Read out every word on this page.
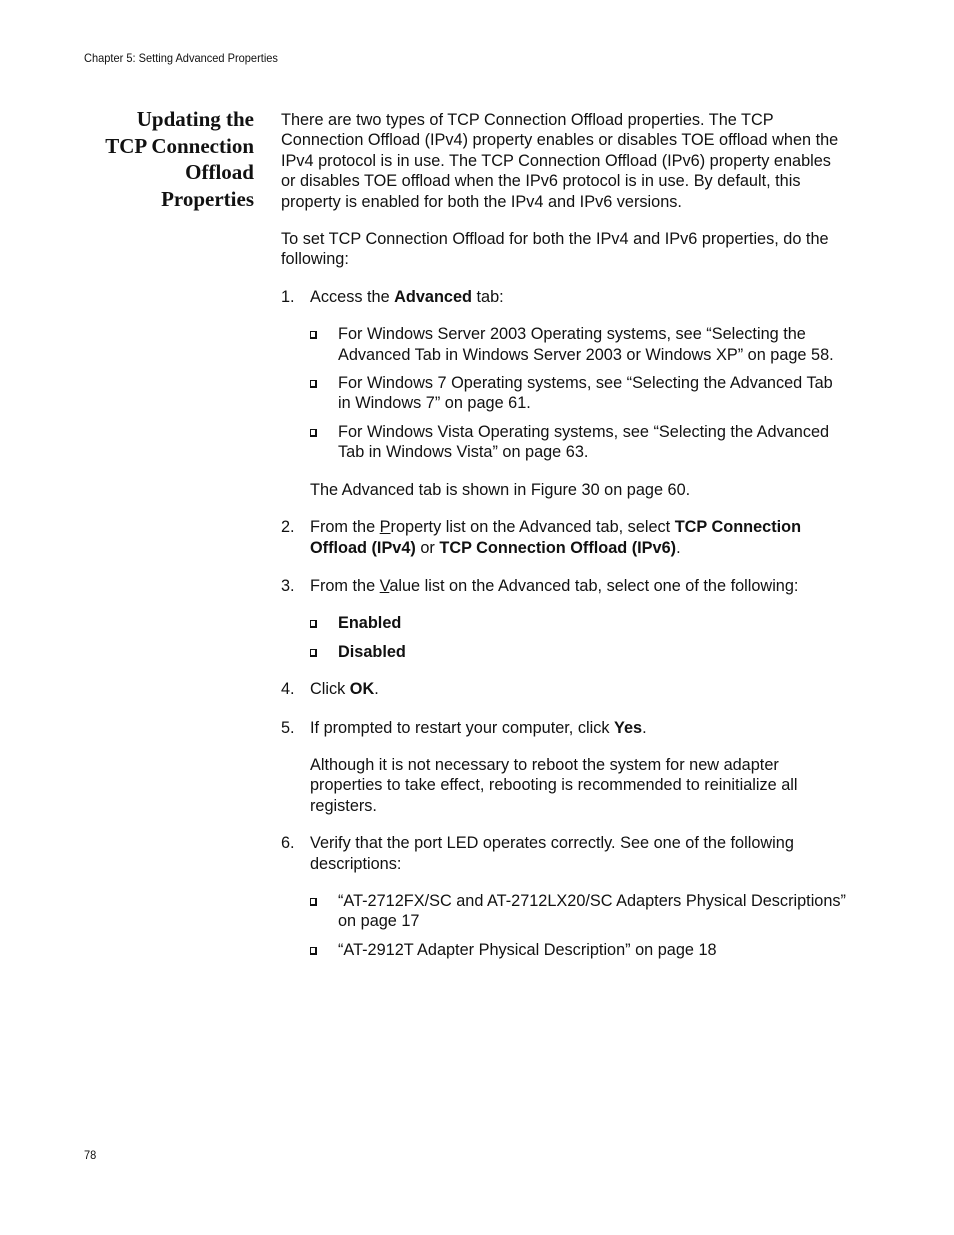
Chapter 5: Setting Advanced Properties
Updating the
TCP Connection
Offload
Properties

There are two types of TCP Connection Offload properties. The TCP Connection Offload (IPv4) property enables or disables TOE offload when the IPv4 protocol is in use. The TCP Connection Offload (IPv6) property enables or disables TOE offload when the IPv6 protocol is in use. By default, this property is enabled for both the IPv4 and IPv6 versions.

To set TCP Connection Offload for both the IPv4 and IPv6 properties, do the following:

1. Access the Advanced tab:

For Windows Server 2003 Operating systems, see “Selecting the Advanced Tab in Windows Server 2003 or Windows XP” on page 58.
For Windows 7 Operating systems, see “Selecting the Advanced Tab in Windows 7” on page 61.
For Windows Vista Operating systems, see “Selecting the Advanced Tab in Windows Vista” on page 63.

The Advanced tab is shown in Figure 30 on page 60.

2. From the Property list on the Advanced tab, select TCP Connection Offload (IPv4) or TCP Connection Offload (IPv6).

3. From the Value list on the Advanced tab, select one of the following:

Enabled
Disabled
4. Click OK.

5. If prompted to restart your computer, click Yes.

Although it is not necessary to reboot the system for new adapter properties to take effect, rebooting is recommended to reinitialize all registers.

6. Verify that the port LED operates correctly. See one of the following descriptions:

“AT-2712FX/SC and AT-2712LX20/SC Adapters Physical Descriptions” on page 17
“AT-2912T Adapter Physical Description” on page 18
78
